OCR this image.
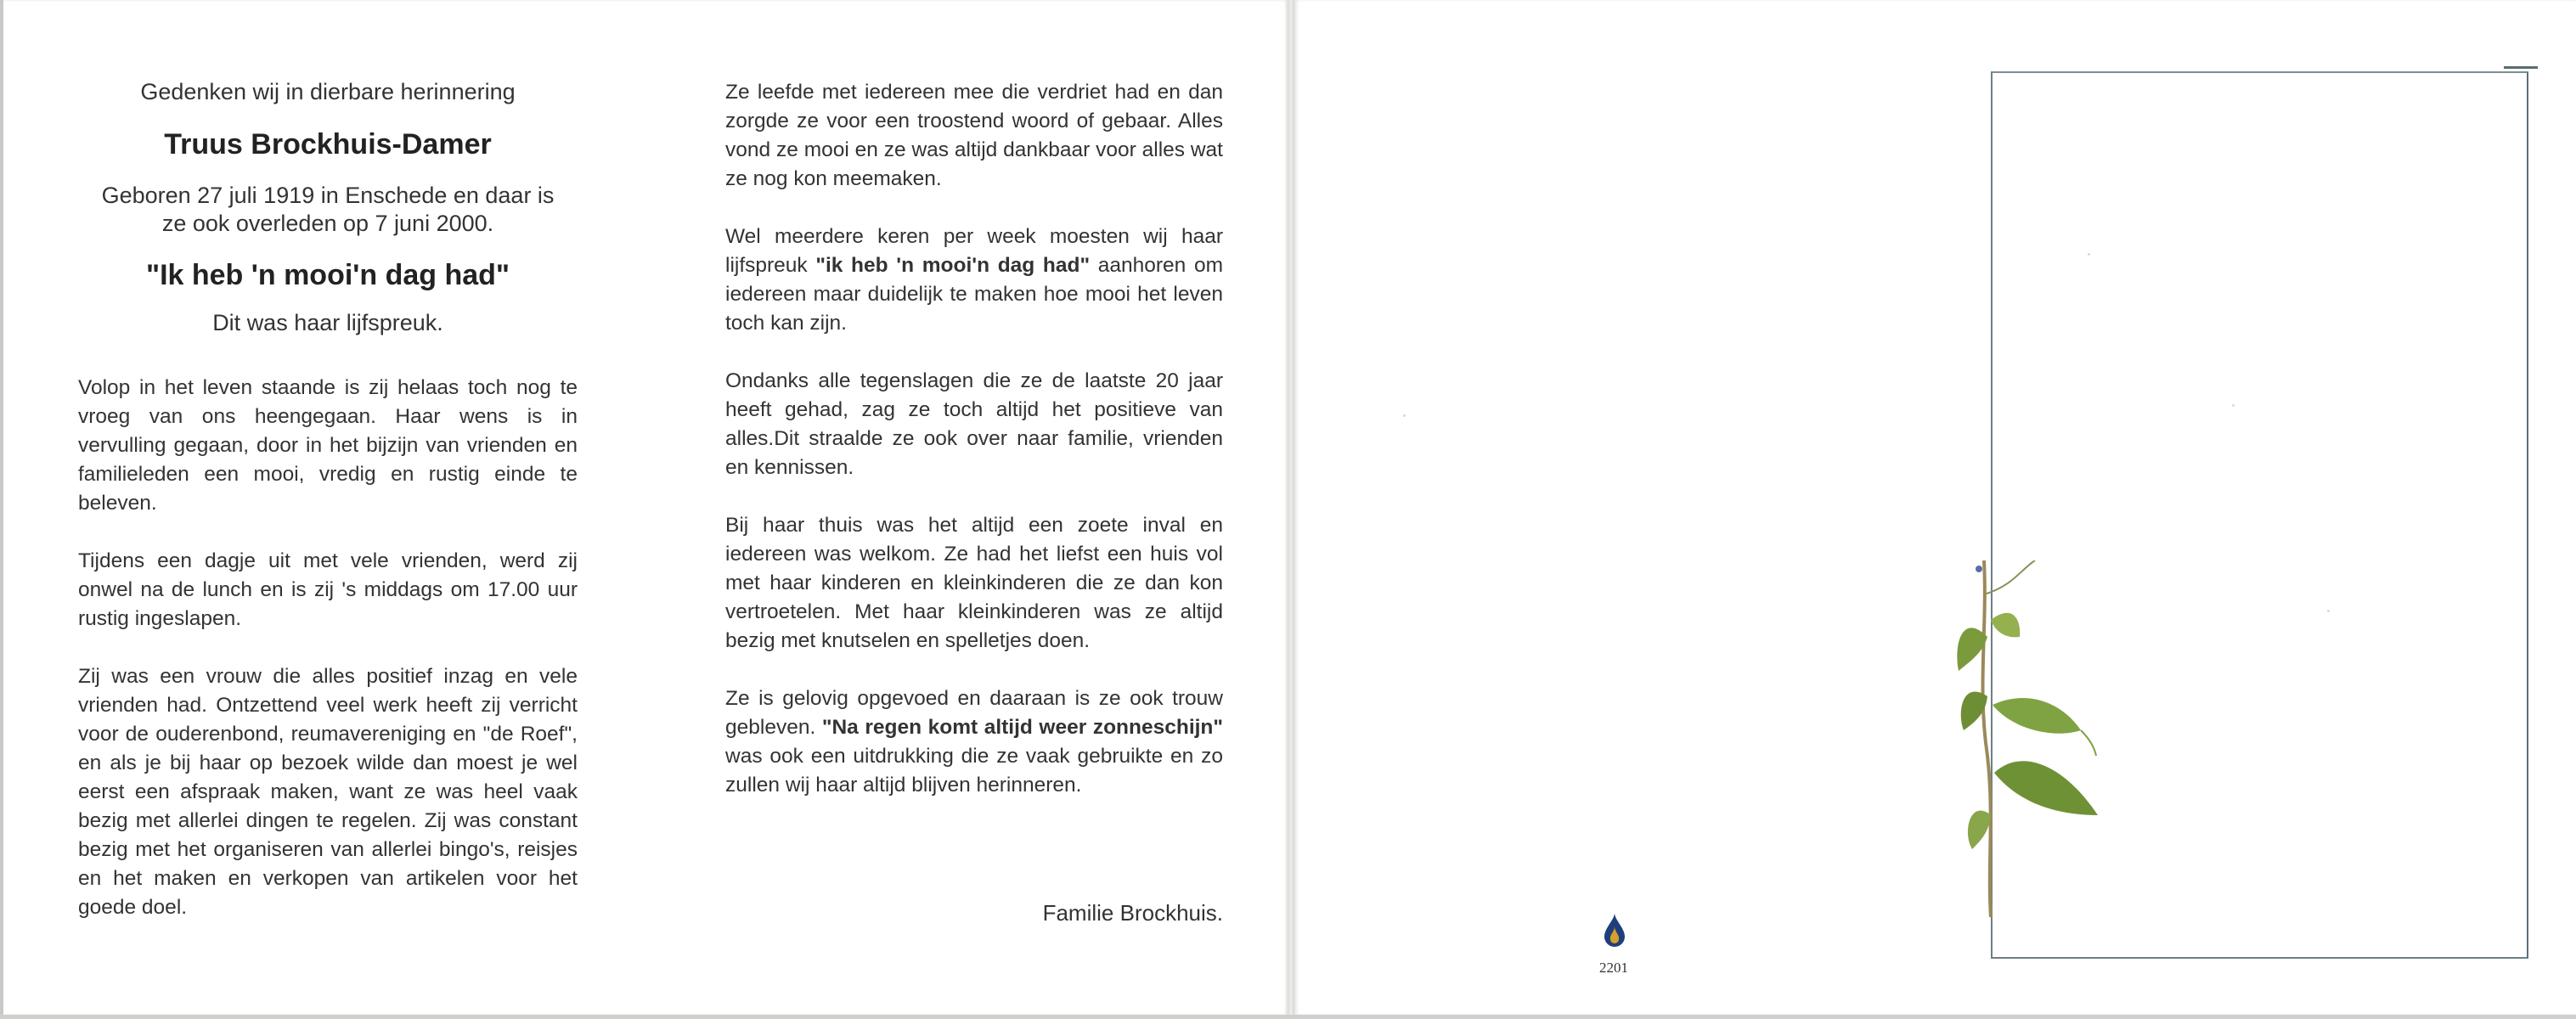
Gedenken wij in dierbare herinnering
Truus Brockhuis-Damer
Geboren 27 juli 1919 in Enschede en daar is
ze ook overleden op 7 juni 2000.
"Ik heb 'n mooi'n dag had"
Dit was haar lijfspreuk.

Volop in het leven staande is zij helaas toch nog te vroeg van ons heengegaan. Haar wens is in vervulling gegaan, door in het bijzijn van vrienden en familieleden een mooi, vredig en rustig einde te beleven.

Tijdens een dagje uit met vele vrienden, werd zij onwel na de lunch en is zij 's middags om 17.00 uur rustig ingeslapen.

Zij was een vrouw die alles positief inzag en vele vrienden had. Ontzettend veel werk heeft zij verricht voor de ouderenbond, reumavereniging en "de Roef", en als je bij haar op bezoek wilde dan moest je wel eerst een afspraak maken, want ze was heel vaak bezig met allerlei dingen te regelen. Zij was constant bezig met het organiseren van allerlei bingo's, reisjes en het maken en verkopen van artikelen voor het goede doel.

Ze leefde met iedereen mee die verdriet had en dan zorgde ze voor een troostend woord of gebaar. Alles vond ze mooi en ze was altijd dankbaar voor alles wat ze nog kon meemaken.

Wel meerdere keren per week moesten wij haar lijfspreuk "ik heb 'n mooi'n dag had" aanhoren om iedereen maar duidelijk te maken hoe mooi het leven toch kan zijn.

Ondanks alle tegenslagen die ze de laatste 20 jaar heeft gehad, zag ze toch altijd het positieve van alles.Dit straalde ze ook over naar familie, vrienden en kennissen.

Bij haar thuis was het altijd een zoete inval en iedereen was welkom. Ze had het liefst een huis vol met haar kinderen en kleinkinderen die ze dan kon vertroetelen. Met haar kleinkinderen was ze altijd bezig met knutselen en spelletjes doen.

Ze is gelovig opgevoed en daaraan is ze ook trouw gebleven. "Na regen komt altijd weer zonneschijn" was ook een uitdrukking die ze vaak gebruikte en zo zullen wij haar altijd blijven herinneren.

Familie Brockhuis.
2201
